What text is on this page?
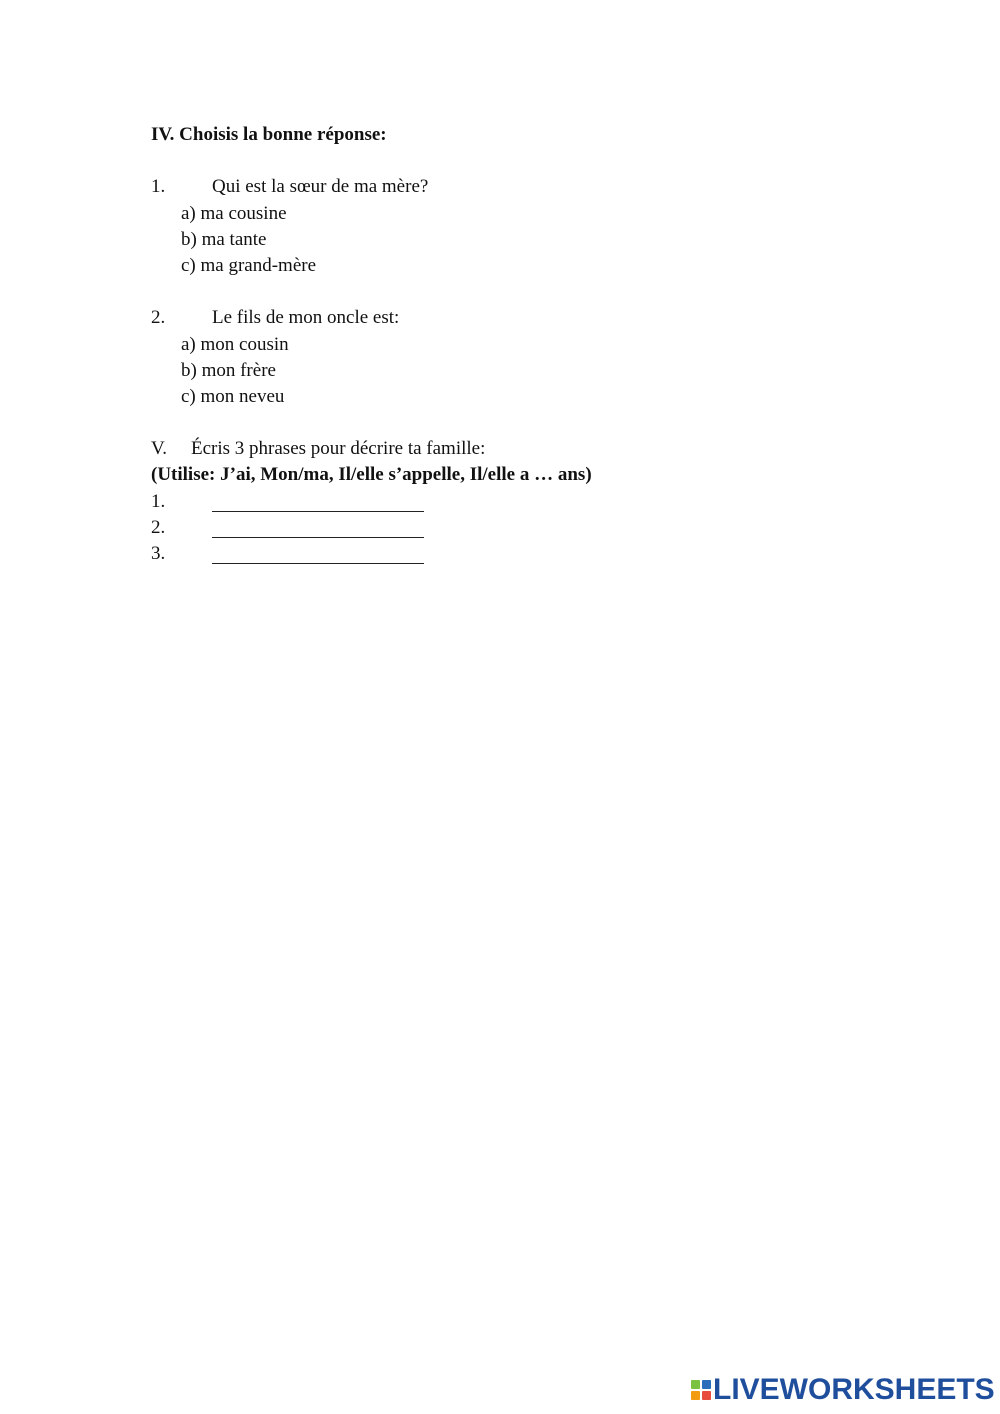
IV. Choisis la bonne réponse:
1. Qui est la sœur de ma mère?
a) ma cousine
b) ma tante
c) ma grand-mère
2. Le fils de mon oncle est:
a) mon cousin
b) mon frère
c) mon neveu
V. Écris 3 phrases pour décrire ta famille:
(Utilise: J’ai, Mon/ma, Il/elle s’appelle, Il/elle a … ans)
1.
2.
3.
LIVEWORKSHEETS
